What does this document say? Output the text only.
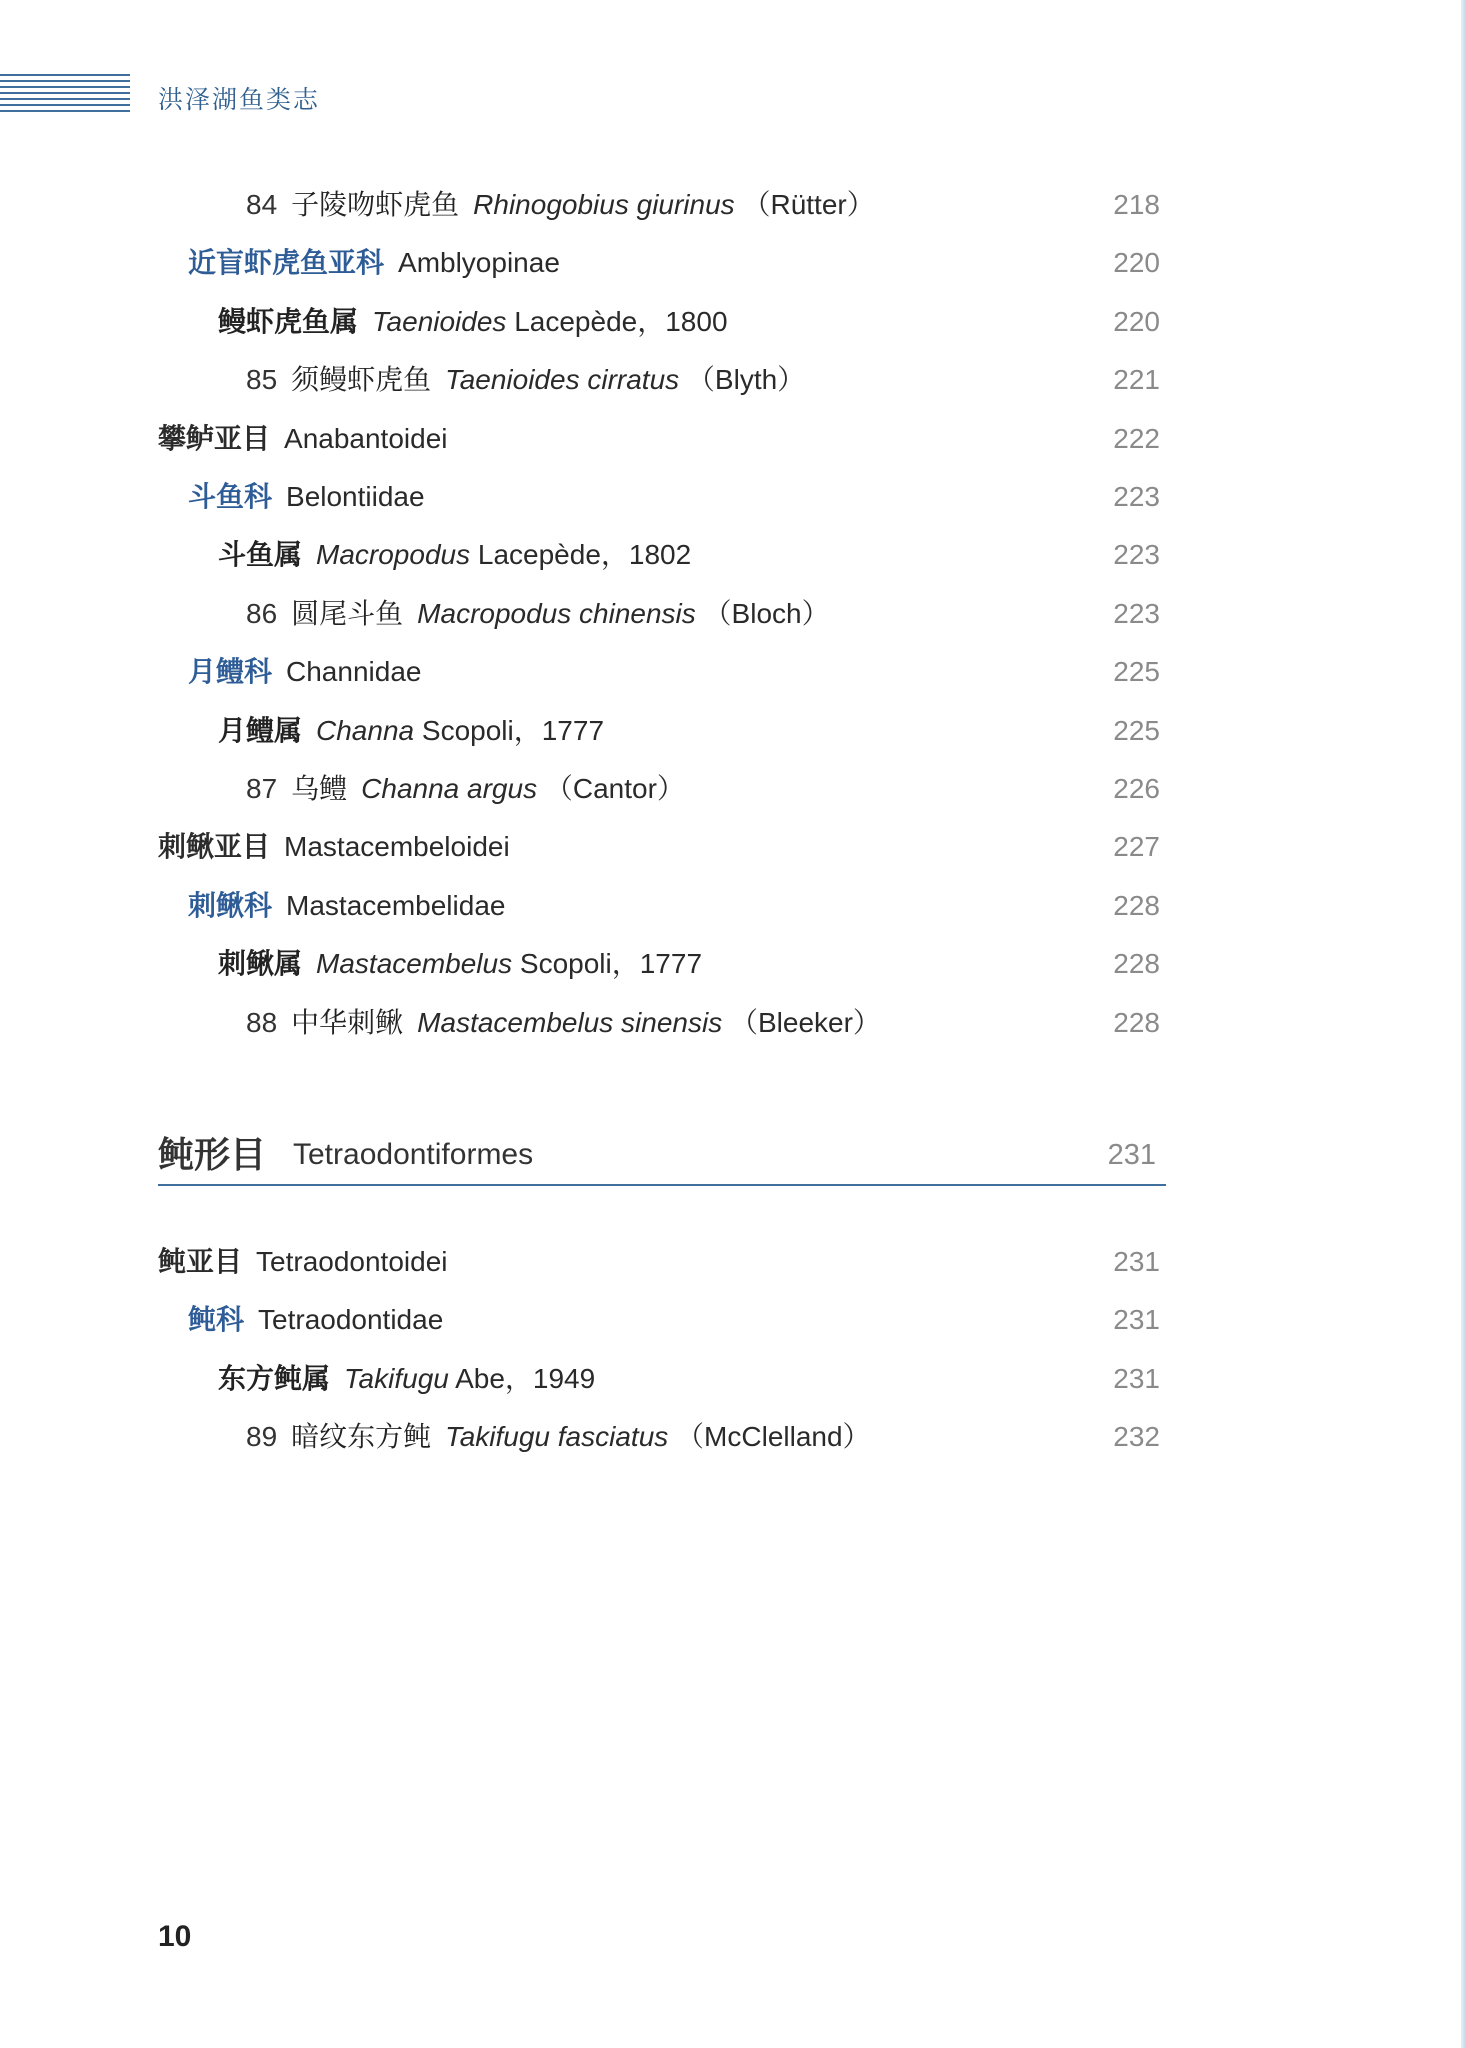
洪泽湖鱼类志
84 子陵吻虾虎鱼 Rhinogobius giurinus （Rütter）	218
近盲虾虎鱼亚科 Amblyopinae	220
鳗虾虎鱼属 Taenioides Lacepède，1800	220
85 须鳗虾虎鱼 Taenioides cirratus （Blyth）	221
攀鲈亚目 Anabantoidei	222
斗鱼科 Belontiidae	223
斗鱼属 Macropodus Lacepède，1802	223
86 圆尾斗鱼 Macropodus chinensis （Bloch）	223
月鳢科 Channidae	225
月鳢属 Channa Scopoli，1777	225
87 乌鳢 Channa argus （Cantor）	226
刺鳅亚目 Mastacembeloidei	227
刺鳅科 Mastacembelidae	228
刺鳅属 Mastacembelus Scopoli，1777	228
88 中华刺鳅 Mastacembelus sinensis （Bleeker）	228
鲀形目 Tetraodontiformes	231
鲀亚目 Tetraodontoidei	231
鲀科 Tetraodontidae	231
东方鲀属 Takifugu Abe，1949	231
89 暗纹东方鲀 Takifugu fasciatus （McClelland）	232
10
